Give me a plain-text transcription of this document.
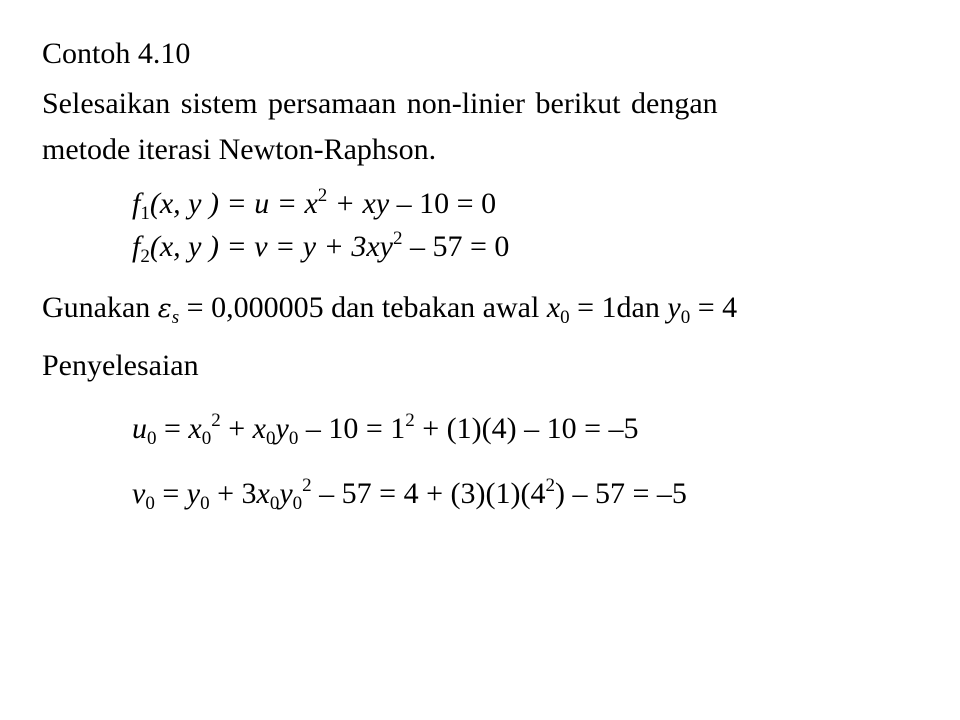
Contoh 4.10
Selesaikan sistem persamaan non-linier berikut dengan
metode iterasi Newton-Raphson.
$f_1(x$, y ) = $u = x^2$ + xy – 10 = 0
$f_2(x$, y ) = $v = y + 3xy^2 - 57 = 0$
Gunakan $\varepsilon_s = 0,000005$ dan tebakan awal $x_0 = 1dan$ $y_0 = 4$
Penyelesaian
$u_0 = x_0^2 + x_0y_0 - 10 = 1^2 + (1)(4) - 10 = -5$
$v_0 = y_0 + 3x_0y_0^2 - 57 = 4 + (3)(1)(4^2) - 57 = -5$
